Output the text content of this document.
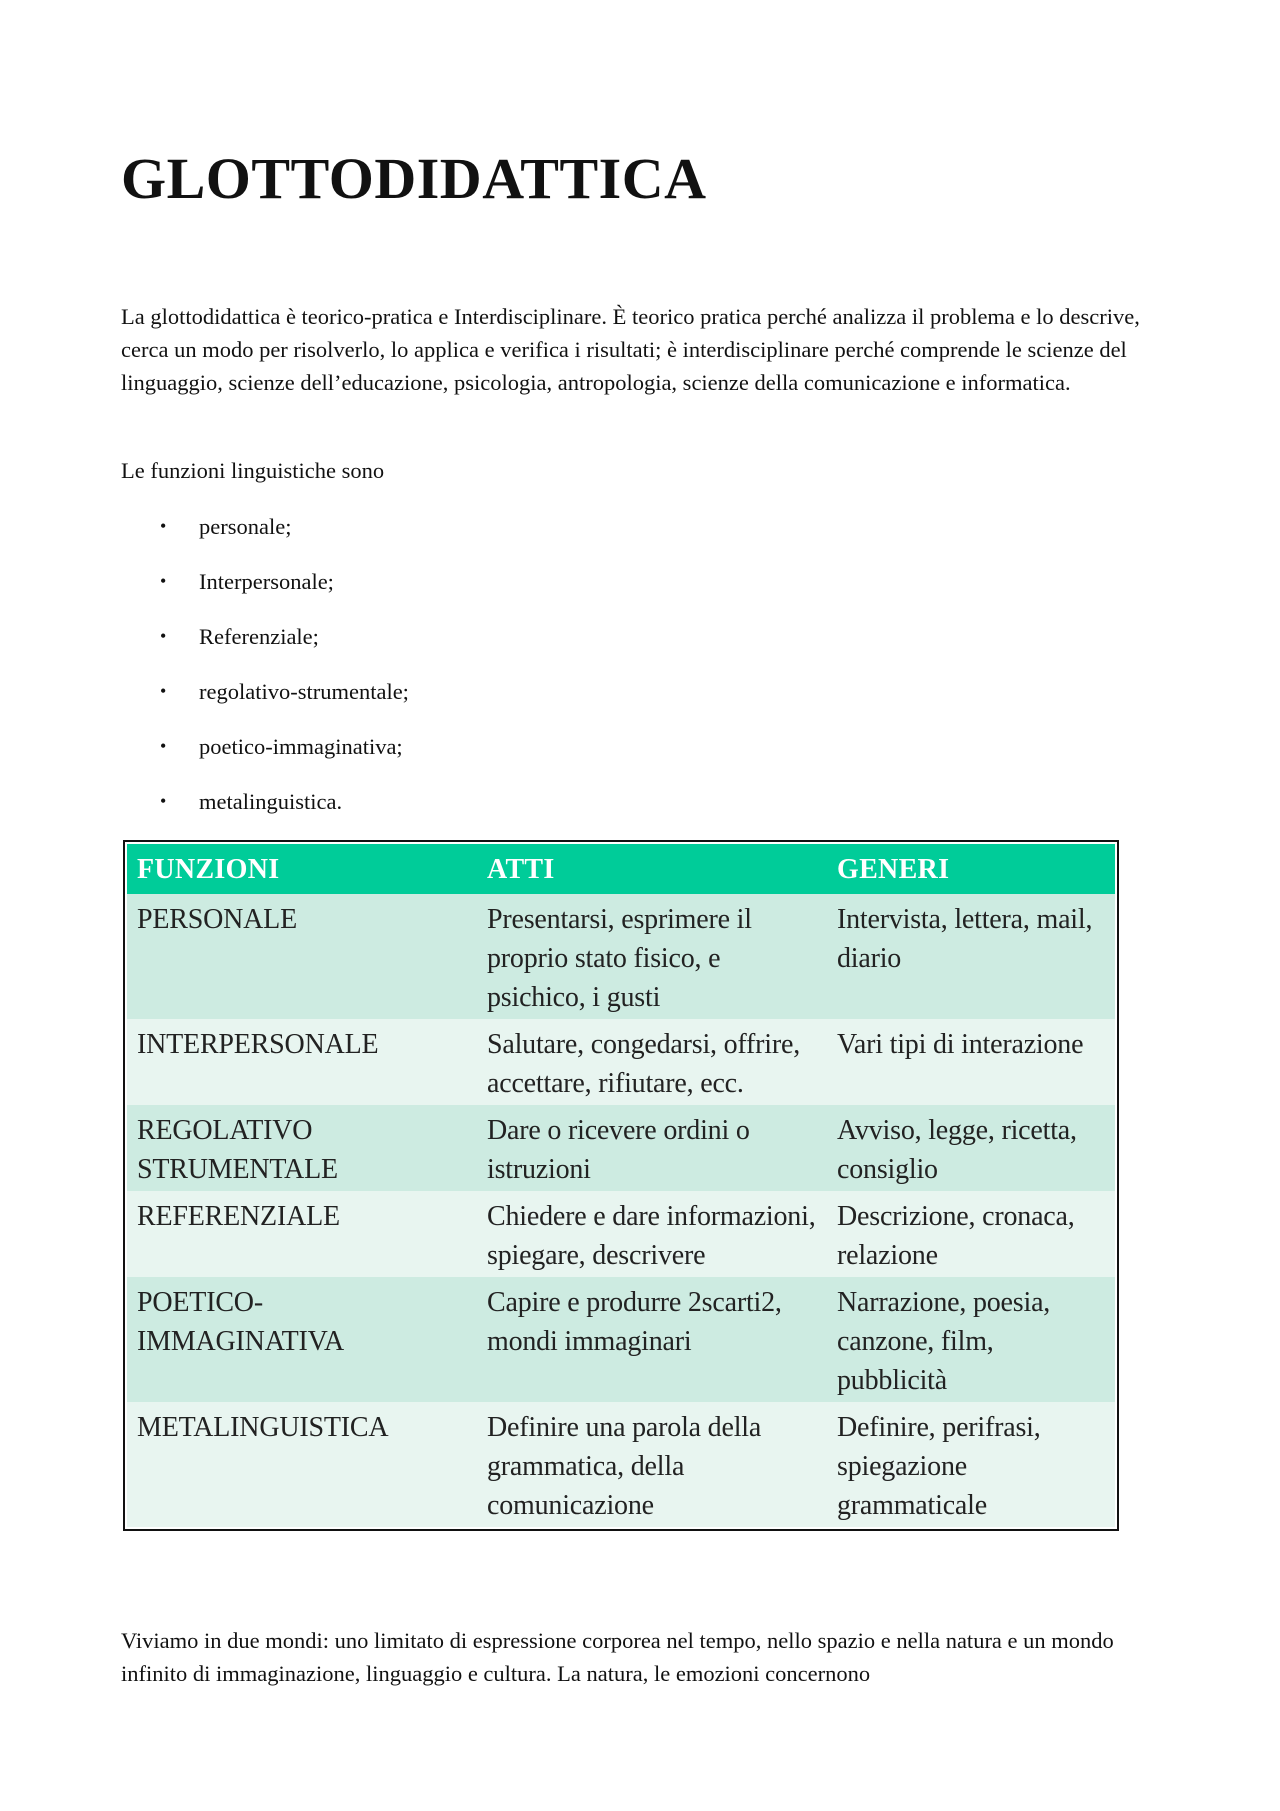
GLOTTODIDATTICA

La glottodidattica è teorico-pratica e Interdisciplinare. È teorico pratica perché analizza il problema e lo descrive, cerca un modo per risolverlo, lo applica e verifica i risultati; è interdisciplinare perché comprende le scienze del linguaggio, scienze dell’educazione, psicologia, antropologia, scienze della comunicazione e informatica.

Le funzioni linguistiche sono

• personale;
• Interpersonale;
• Referenziale;
• regolativo-strumentale;
• poetico-immaginativa;
• metalinguistica.
FUNZIONI	ATTI	GENERI
PERSONALE	Presentarsi, esprimere il proprio stato fisico, e psichico, i gusti	Intervista, lettera, mail, diario
INTERPERSONALE	Salutare, congedarsi, offrire, accettare, rifiutare, ecc.	Vari tipi di interazione
REGOLATIVO STRUMENTALE	Dare o ricevere ordini o istruzioni	Avviso, legge, ricetta, consiglio
REFERENZIALE	Chiedere e dare informazioni, spiegare, descrivere	Descrizione, cronaca, relazione
POETICO-IMMAGINATIVA	Capire e produrre 2scarti2, mondi immaginari	Narrazione, poesia, canzone, film, pubblicità
METALINGUISTICA	Definire una parola della grammatica, della comunicazione	Definire, perifrasi, spiegazione grammaticale

Viviamo in due mondi: uno limitato di espressione corporea nel tempo, nello spazio e nella natura e un mondo infinito di immaginazione, linguaggio e cultura. La natura, le emozioni concernono
